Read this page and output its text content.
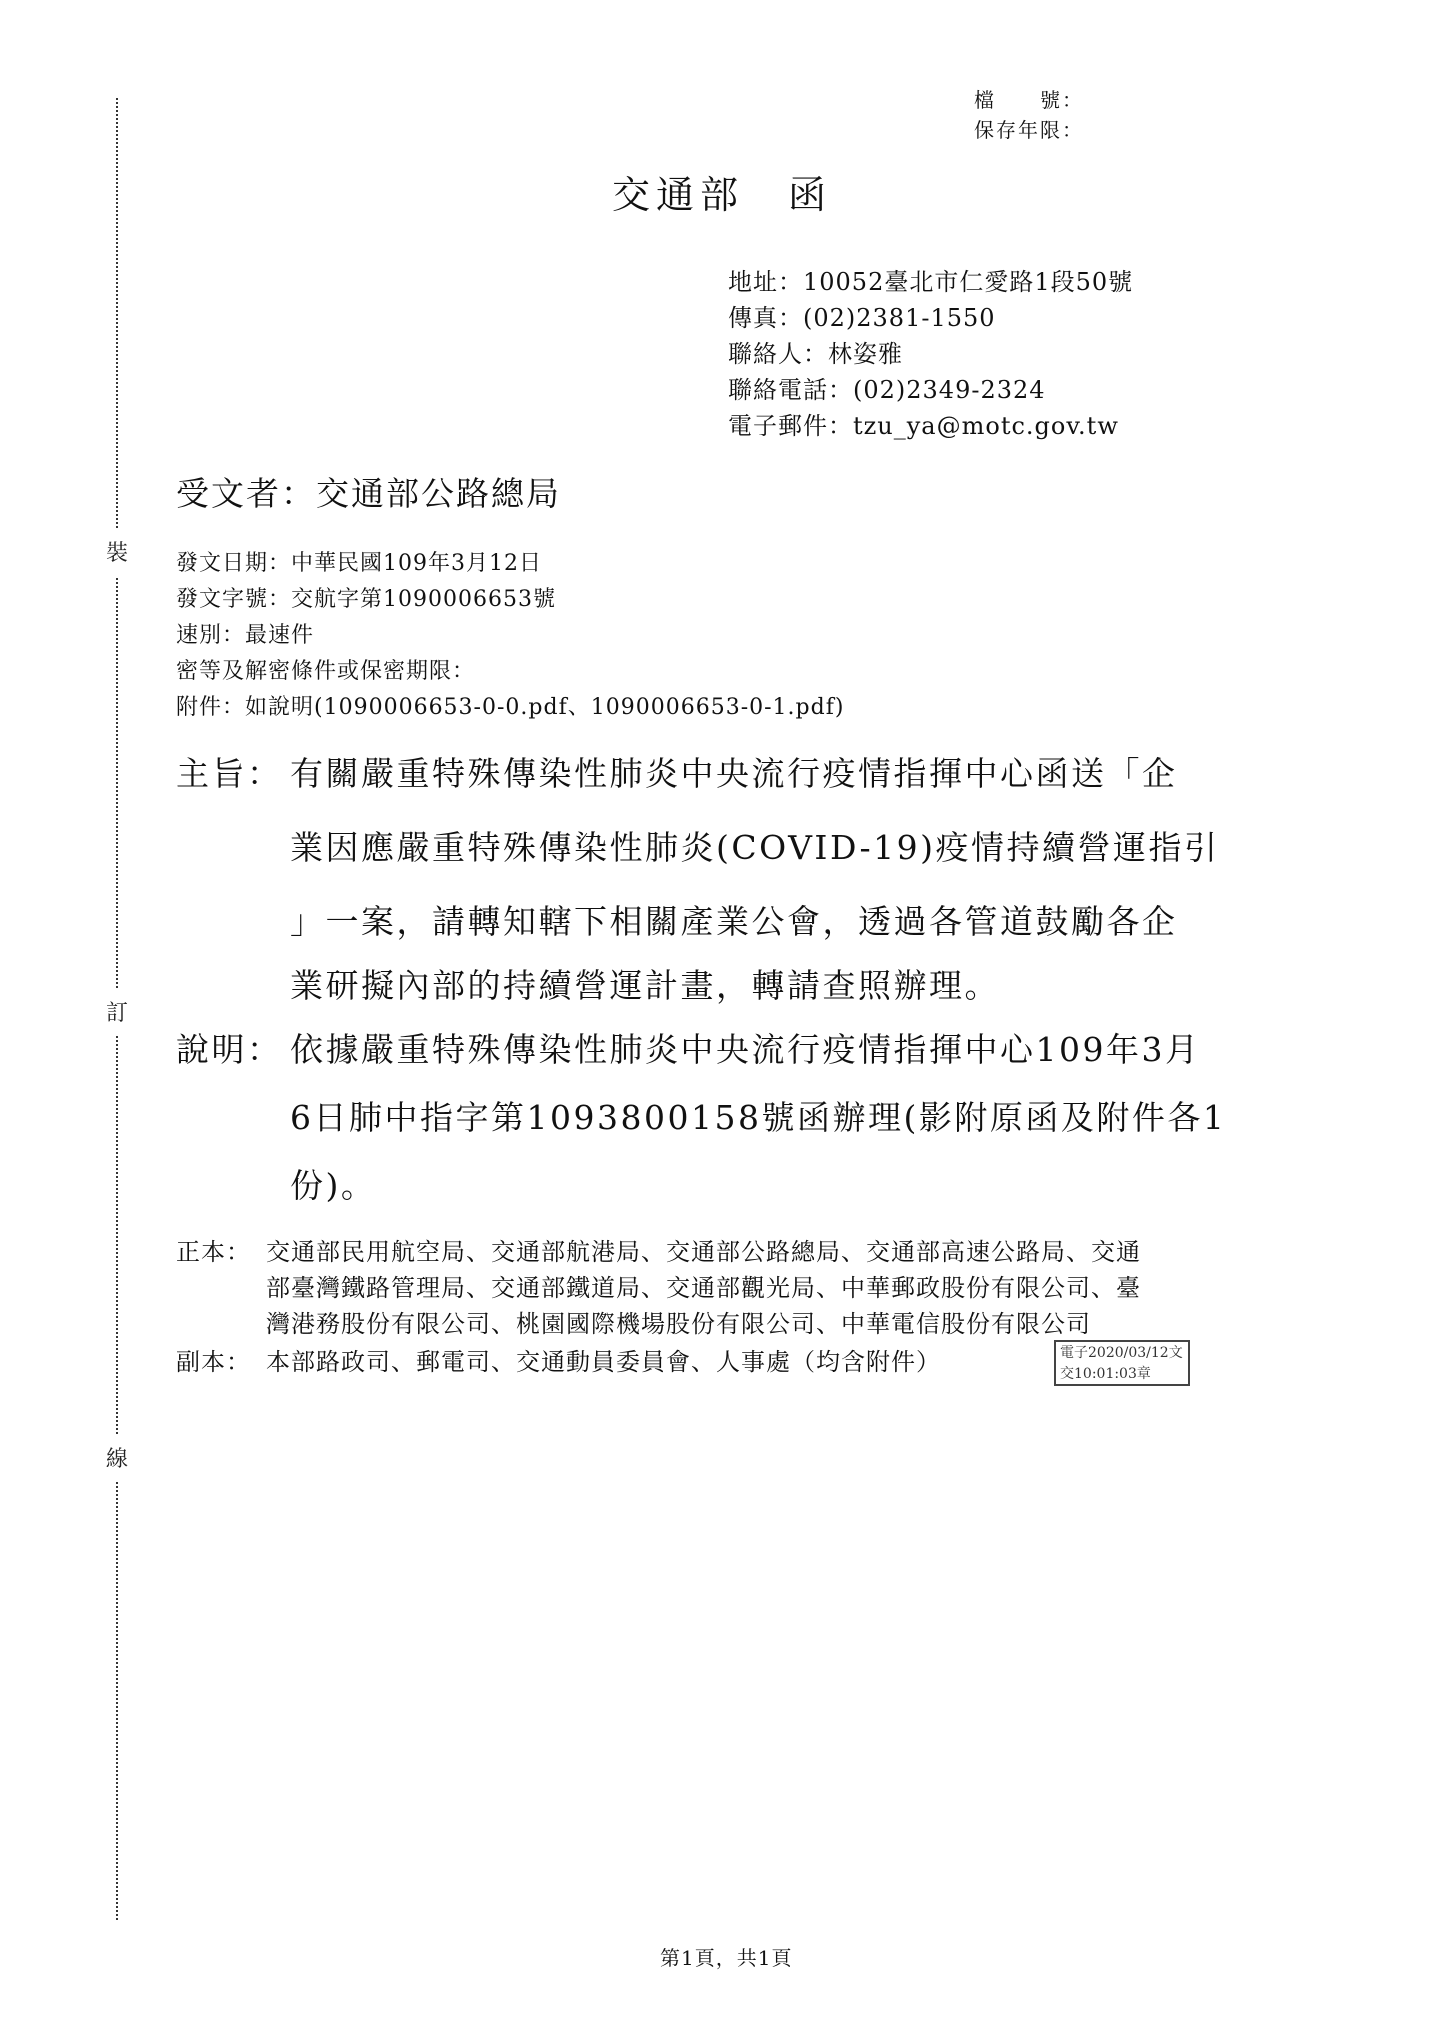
裝
訂
線
檔　　號：
保存年限：
交通部　函
地址：10052臺北市仁愛路1段50號
傳真：(02)2381-1550
聯絡人：林姿雅
聯絡電話：(02)2349-2324
電子郵件：tzu_ya@motc.gov.tw
受文者：交通部公路總局
發文日期：中華民國109年3月12日
發文字號：交航字第1090006653號
速別：最速件
密等及解密條件或保密期限：
附件：如說明(1090006653-0-0.pdf、1090006653-0-1.pdf)
主旨： 有關嚴重特殊傳染性肺炎中央流行疫情指揮中心函送「企
業因應嚴重特殊傳染性肺炎(COVID-19)疫情持續營運指引
」一案，請轉知轄下相關產業公會，透過各管道鼓勵各企
業研擬內部的持續營運計畫，轉請查照辦理。
說明： 依據嚴重特殊傳染性肺炎中央流行疫情指揮中心109年3月
6日肺中指字第1093800158號函辦理(影附原函及附件各1
份)。
正本： 交通部民用航空局、交通部航港局、交通部公路總局、交通部高速公路局、交通
部臺灣鐵路管理局、交通部鐵道局、交通部觀光局、中華郵政股份有限公司、臺
灣港務股份有限公司、桃園國際機場股份有限公司、中華電信股份有限公司
副本： 本部路政司、郵電司、交通動員委員會、人事處（均含附件）	電子2020/03/12文
交10:01:03章
第1頁，共1頁
